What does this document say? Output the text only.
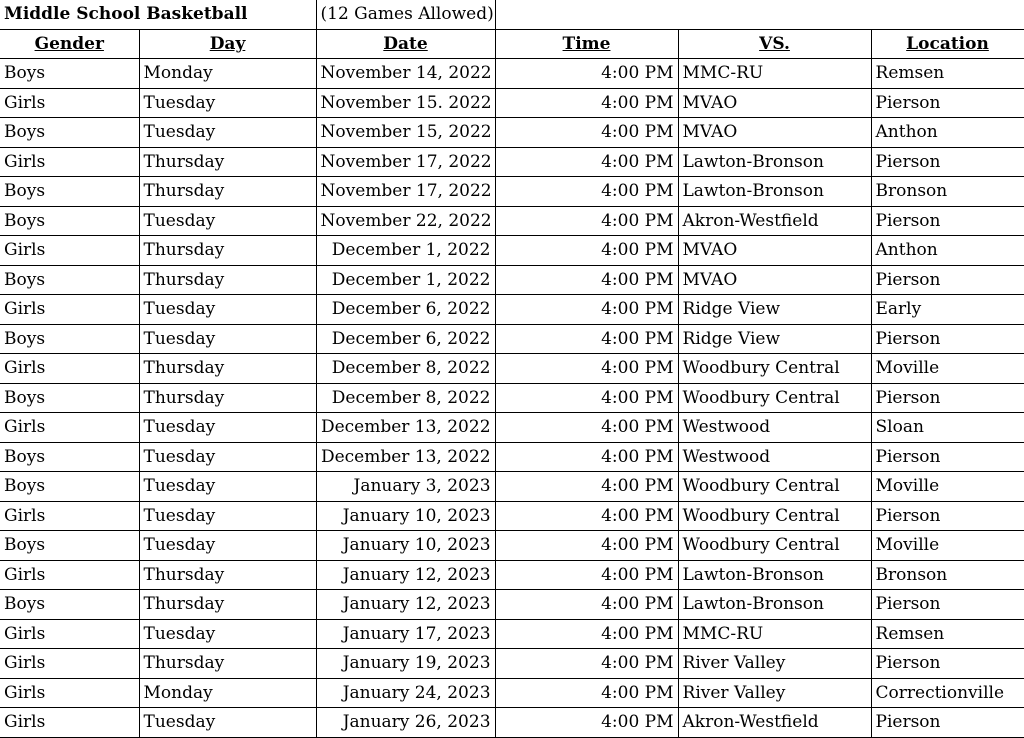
Middle School Basketball		(12 Games Allowed)			
Gender	Day	Date	Time	VS.	Location
Boys	Monday	November 14, 2022	4:00 PM	MMC-RU	Remsen
Girls	Tuesday	November 15. 2022	4:00 PM	MVAO	Pierson
Boys	Tuesday	November 15, 2022	4:00 PM	MVAO	Anthon
Girls	Thursday	November 17, 2022	4:00 PM	Lawton-Bronson	Pierson
Boys	Thursday	November 17, 2022	4:00 PM	Lawton-Bronson	Bronson
Boys	Tuesday	November 22, 2022	4:00 PM	Akron-Westfield	Pierson
Girls	Thursday	December 1, 2022	4:00 PM	MVAO	Anthon
Boys	Thursday	December 1, 2022	4:00 PM	MVAO	Pierson
Girls	Tuesday	December 6, 2022	4:00 PM	Ridge View	Early
Boys	Tuesday	December 6, 2022	4:00 PM	Ridge View	Pierson
Girls	Thursday	December 8, 2022	4:00 PM	Woodbury Central	Moville
Boys	Thursday	December 8, 2022	4:00 PM	Woodbury Central	Pierson
Girls	Tuesday	December 13, 2022	4:00 PM	Westwood	Sloan
Boys	Tuesday	December 13, 2022	4:00 PM	Westwood	Pierson
Boys	Tuesday	January 3, 2023	4:00 PM	Woodbury Central	Moville
Girls	Tuesday	January 10, 2023	4:00 PM	Woodbury Central	Pierson
Boys	Tuesday	January 10, 2023	4:00 PM	Woodbury Central	Moville
Girls	Thursday	January 12, 2023	4:00 PM	Lawton-Bronson	Bronson
Boys	Thursday	January 12, 2023	4:00 PM	Lawton-Bronson	Pierson
Girls	Tuesday	January 17, 2023	4:00 PM	MMC-RU	Remsen
Girls	Thursday	January 19, 2023	4:00 PM	River Valley	Pierson
Girls	Monday	January 24, 2023	4:00 PM	River Valley	Correctionville
Girls	Tuesday	January 26, 2023	4:00 PM	Akron-Westfield	Pierson
